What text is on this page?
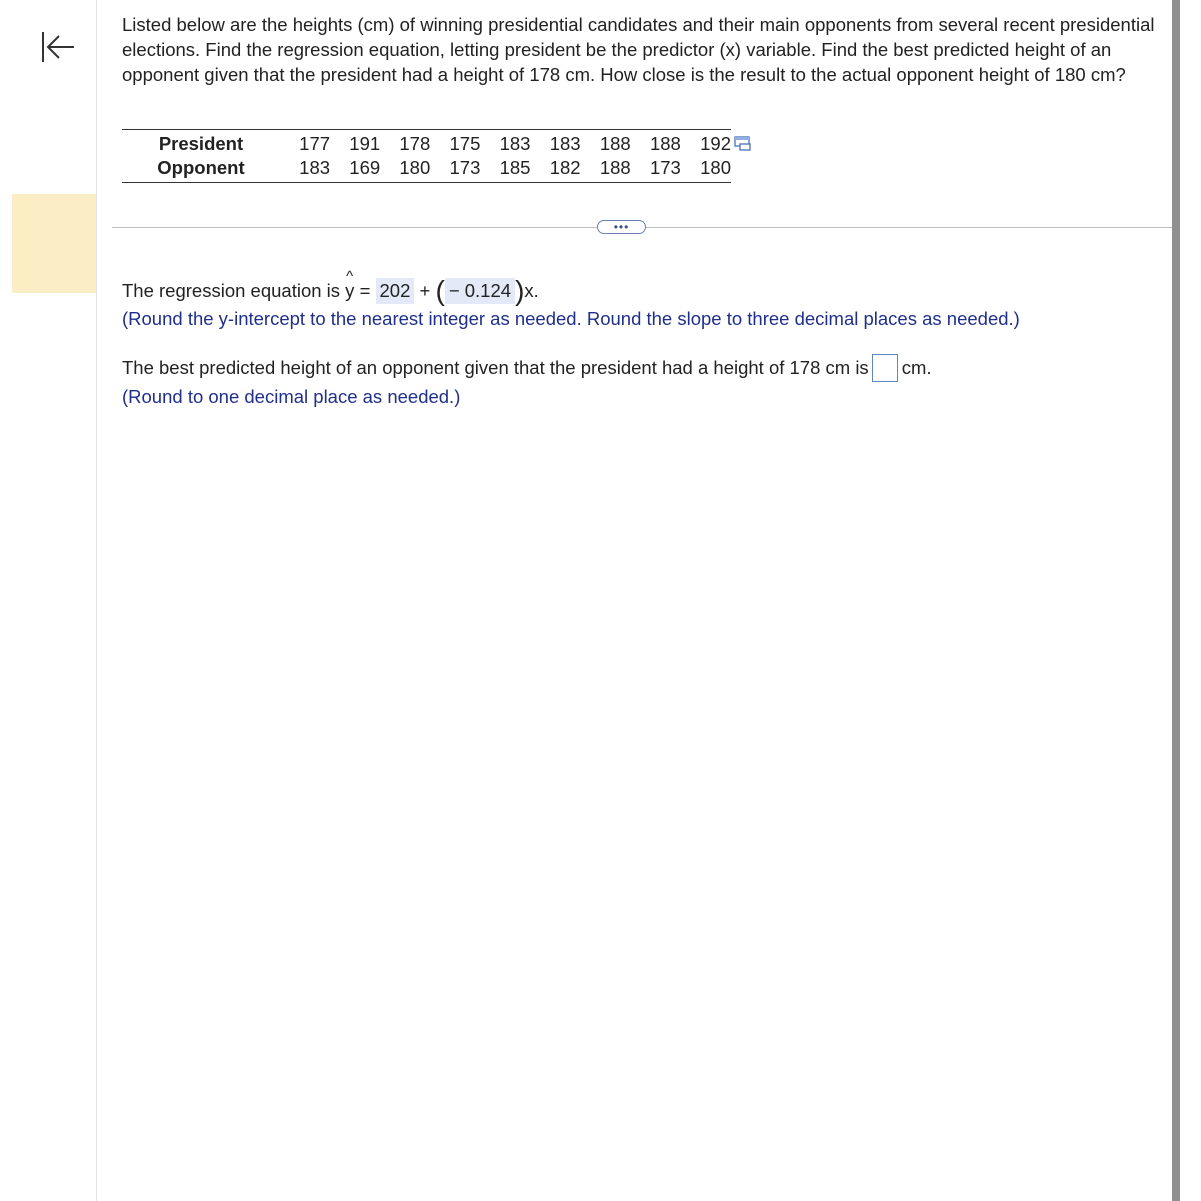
Listed below are the heights (cm) of winning presidential candidates and their main opponents from several recent presidential elections. Find the regression equation, letting president be the predictor (x) variable. Find the best predicted height of an opponent given that the president had a height of 178 cm. How close is the result to the actual opponent height of 180 cm?

President	177	191	178	175	183	183	188	188	192
Opponent	183	169	180	173	185	182	188	173	180
•••
The regression equation is
^
y = 202 + ( − 0.124 )x.
(Round the y-intercept to the nearest integer as needed. Round the slope to three decimal places as needed.)
The best predicted height of an opponent given that the president had a height of 178 cm is cm.
(Round to one decimal place as needed.)
